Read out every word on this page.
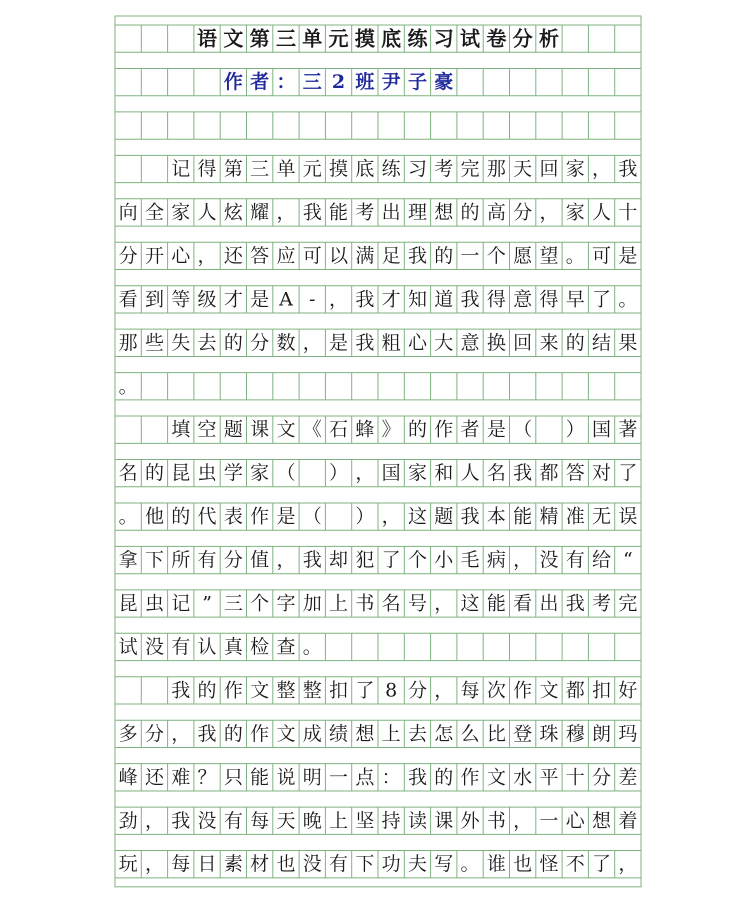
语 文 第 三 单 元 摸 底 练 习 试 卷 分 析
作 者 ： 三 2 班 尹 子 豪
记 得 第 三 单 元 摸 底 练 习 考 完 那 天 回 家 ， 我
向 全 家 人 炫 耀 ， 我 能 考 出 理 想 的 高 分 ， 家 人 十
分 开 心 ， 还 答 应 可 以 满 足 我 的 一 个 愿 望 。 可 是
看 到 等 级 才 是 A - ， 我 才 知 道 我 得 意 得 早 了 。
那 些 失 去 的 分 数 ， 是 我 粗 心 大 意 换 回 来 的 结 果
。
填 空 题 课 文 《 石 蜂 》 的 作 者 是 （ ） 国 著
名 的 昆 虫 学 家 （ ） ， 国 家 和 人 名 我 都 答 对 了
。 他 的 代 表 作 是 （ ） ， 这 题 我 本 能 精 准 无 误
拿 下 所 有 分 值 ， 我 却 犯 了 个 小 毛 病 ， 没 有 给 “
昆 虫 记 ” 三 个 字 加 上 书 名 号 ， 这 能 看 出 我 考 完
试 没 有 认 真 检 查 。
我 的 作 文 整 整 扣 了 8 分 ， 每 次 作 文 都 扣 好
多 分 ， 我 的 作 文 成 绩 想 上 去 怎 么 比 登 珠 穆 朗 玛
峰 还 难 ？ 只 能 说 明 一 点 ： 我 的 作 文 水 平 十 分 差
劲 ， 我 没 有 每 天 晚 上 坚 持 读 课 外 书 ， 一 心 想 着
玩 ， 每 日 素 材 也 没 有 下 功 夫 写 。 谁 也 怪 不 了 ，
